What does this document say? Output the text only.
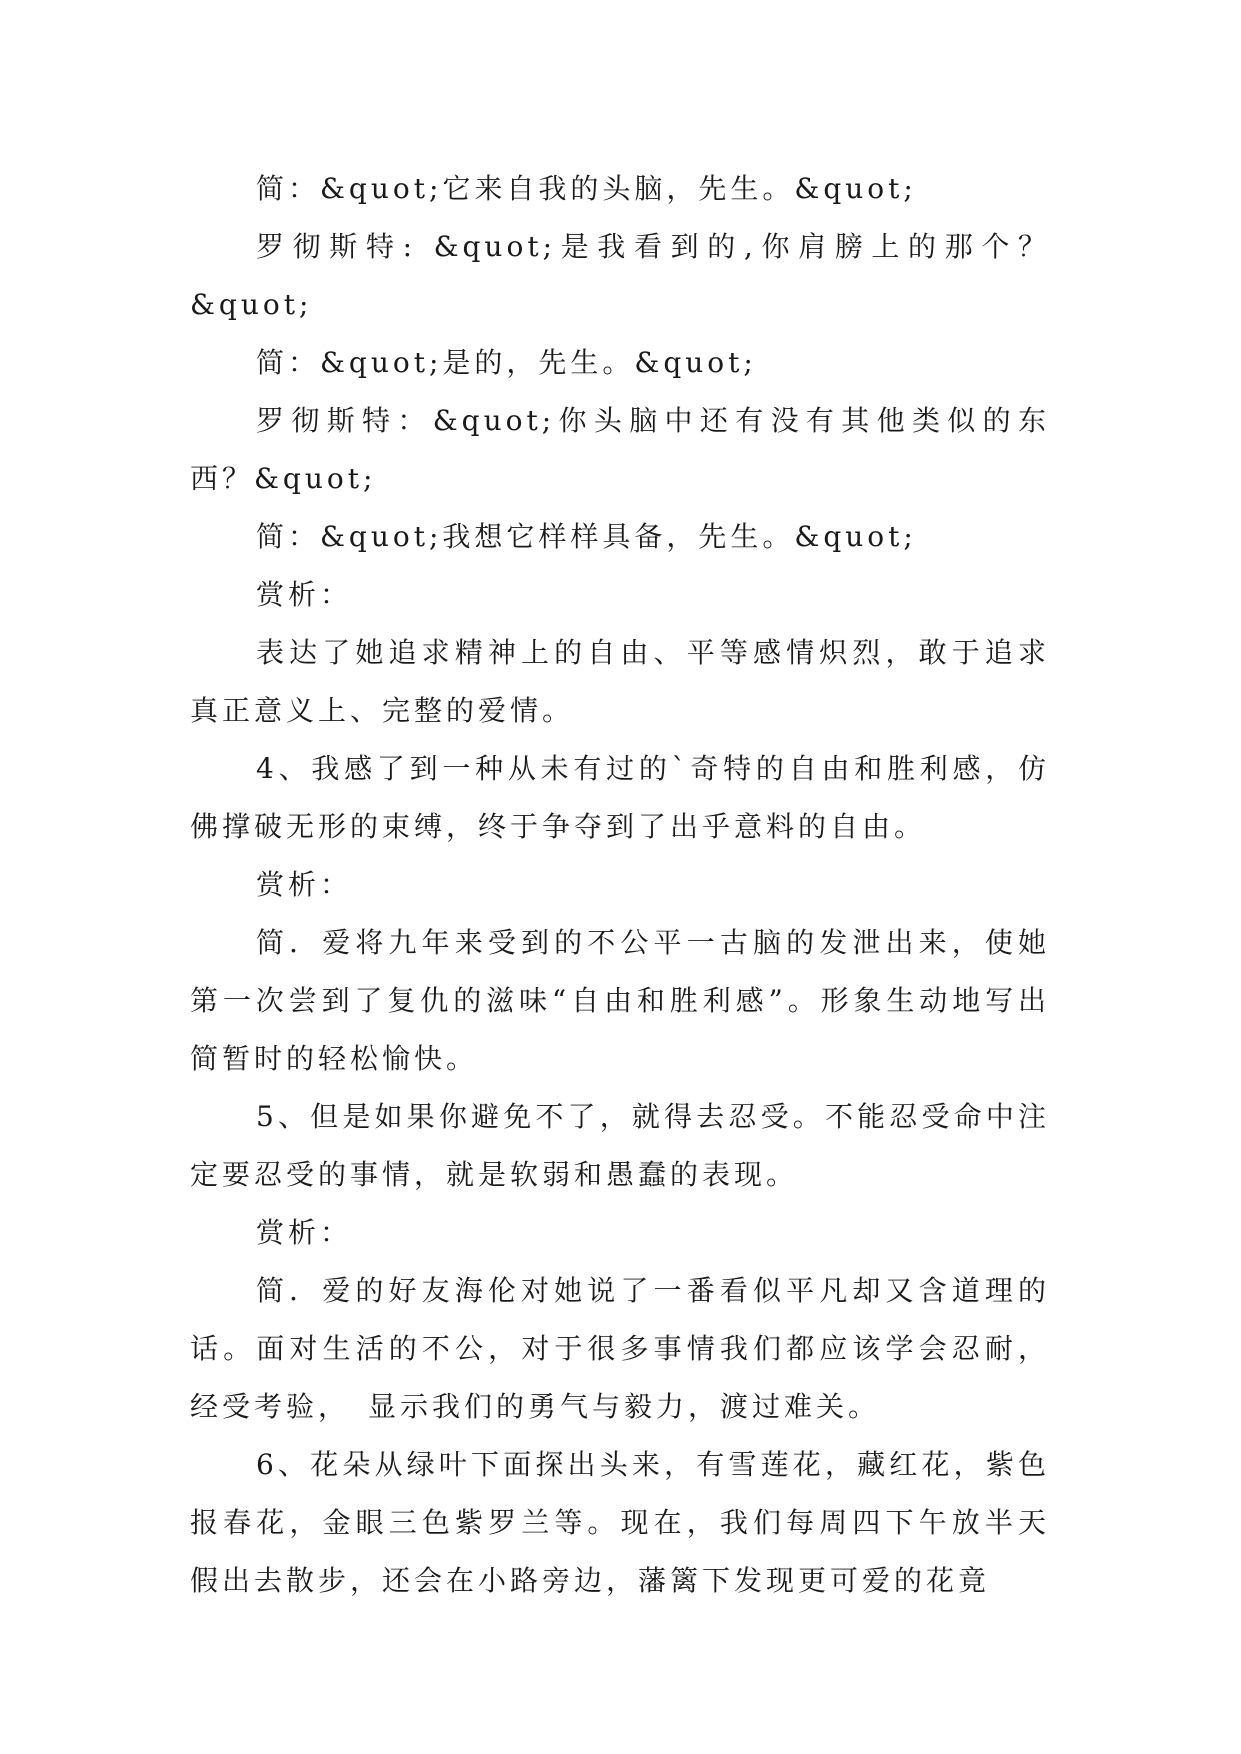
简：&quot;它来自我的头脑，先生。&quot;

罗彻斯特: &quot;是我看到的,你肩膀上的那个？&quot;

简：&quot;是的，先生。&quot;

罗彻斯特：&quot;你头脑中还有没有其他类似的东西？&quot;

简：&quot;我想它样样具备，先生。&quot;

赏析：

表达了她追求精神上的自由、平等感情炽烈，敢于追求真正意义上、完整的爱情。

4、我感了到一种从未有过的`奇特的自由和胜利感，仿佛撑破无形的束缚，终于争夺到了出乎意料的自由。

赏析：

简．爱将九年来受到的不公平一古脑的发泄出来，使她第一次尝到了复仇的滋味“自由和胜利感”。形象生动地写出简暂时的轻松愉快。

5、但是如果你避免不了，就得去忍受。不能忍受命中注定要忍受的事情，就是软弱和愚蠢的表现。

赏析：

简．爱的好友海伦对她说了一番看似平凡却又含道理的话。面对生活的不公，对于很多事情我们都应该学会忍耐，经受考验，　显示我们的勇气与毅力，渡过难关。

6、花朵从绿叶下面探出头来，有雪莲花，藏红花，紫色报春花，金眼三色紫罗兰等。现在，我们每周四下午放半天假出去散步，还会在小路旁边，藩篱下发现更可爱的花竟
